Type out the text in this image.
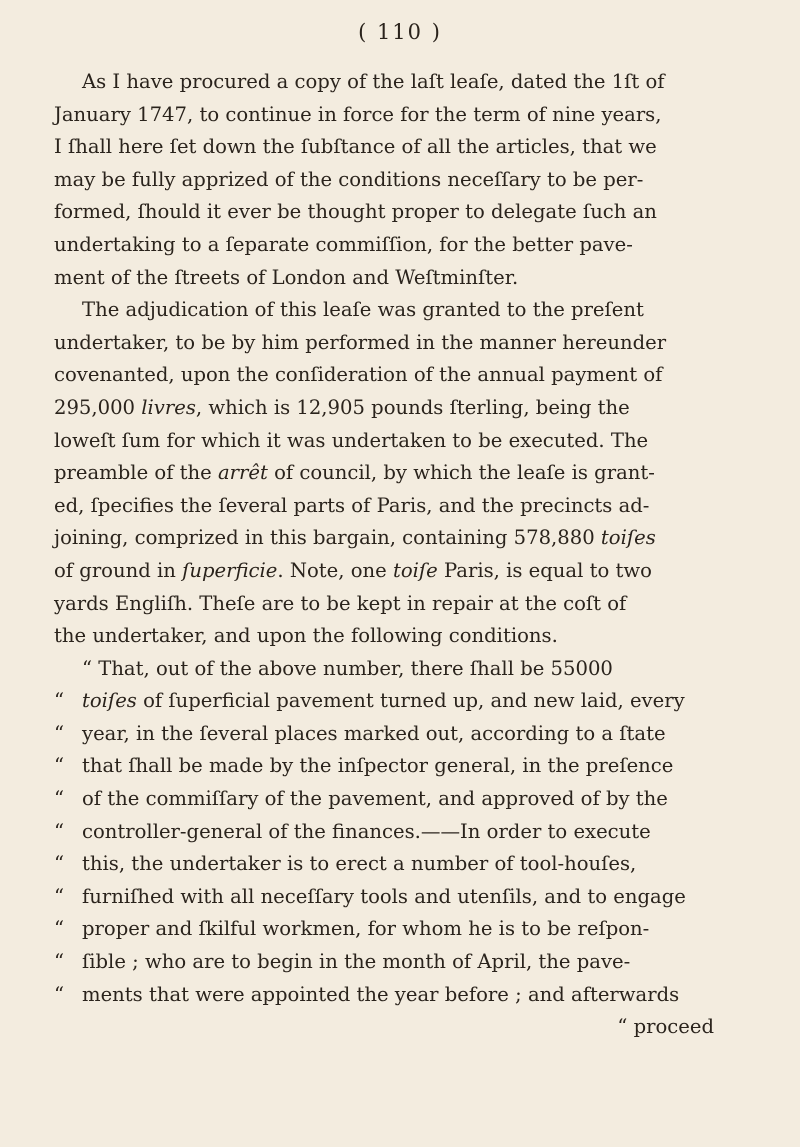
( 110 )
As I have procured a copy of the laſt leaſe, dated the 1ſt of
January 1747, to continue in force for the term of nine years,
I ſhall here ſet down the ſubſtance of all the articles, that we
may be fully apprized of the conditions neceſſary to be per-
formed, ſhould it ever be thought proper to delegate ſuch an
undertaking to a ſeparate commiſſion, for the better pave-
ment of the ſtreets of London and Weſtminſter.
The adjudication of this leaſe was granted to the preſent
undertaker, to be by him performed in the manner hereunder
covenanted, upon the conſideration of the annual payment of
295,000 livres, which is 12,905 pounds ſterling, being the
loweſt ſum for which it was undertaken to be executed. The
preamble of the arrêt of council, by which the leaſe is grant-
ed, ſpecifies the ſeveral parts of Paris, and the precincts ad-
joining, comprized in this bargain, containing 578,880 toiſes
of ground in ſuperficie. Note, one toiſe Paris, is equal to two
yards Engliſh. Theſe are to be kept in repair at the coſt of
the undertaker, and upon the following conditions.
“ That, out of the above number, there ſhall be 55000
“ toiſes of ſuperficial pavement turned up, and new laid, every
“ year, in the ſeveral places marked out, according to a ſtate
“ that ſhall be made by the inſpector general, in the preſence
“ of the commiſſary of the pavement, and approved of by the
“ controller-general of the finances.——In order to execute
“ this, the undertaker is to erect a number of tool-houſes,
“ furniſhed with all neceſſary tools and utenſils, and to engage
“ proper and ſkilful workmen, for whom he is to be reſpon-
“ ſible ; who are to begin in the month of April, the pave-
“ ments that were appointed the year before ; and afterwards
“ proceed
